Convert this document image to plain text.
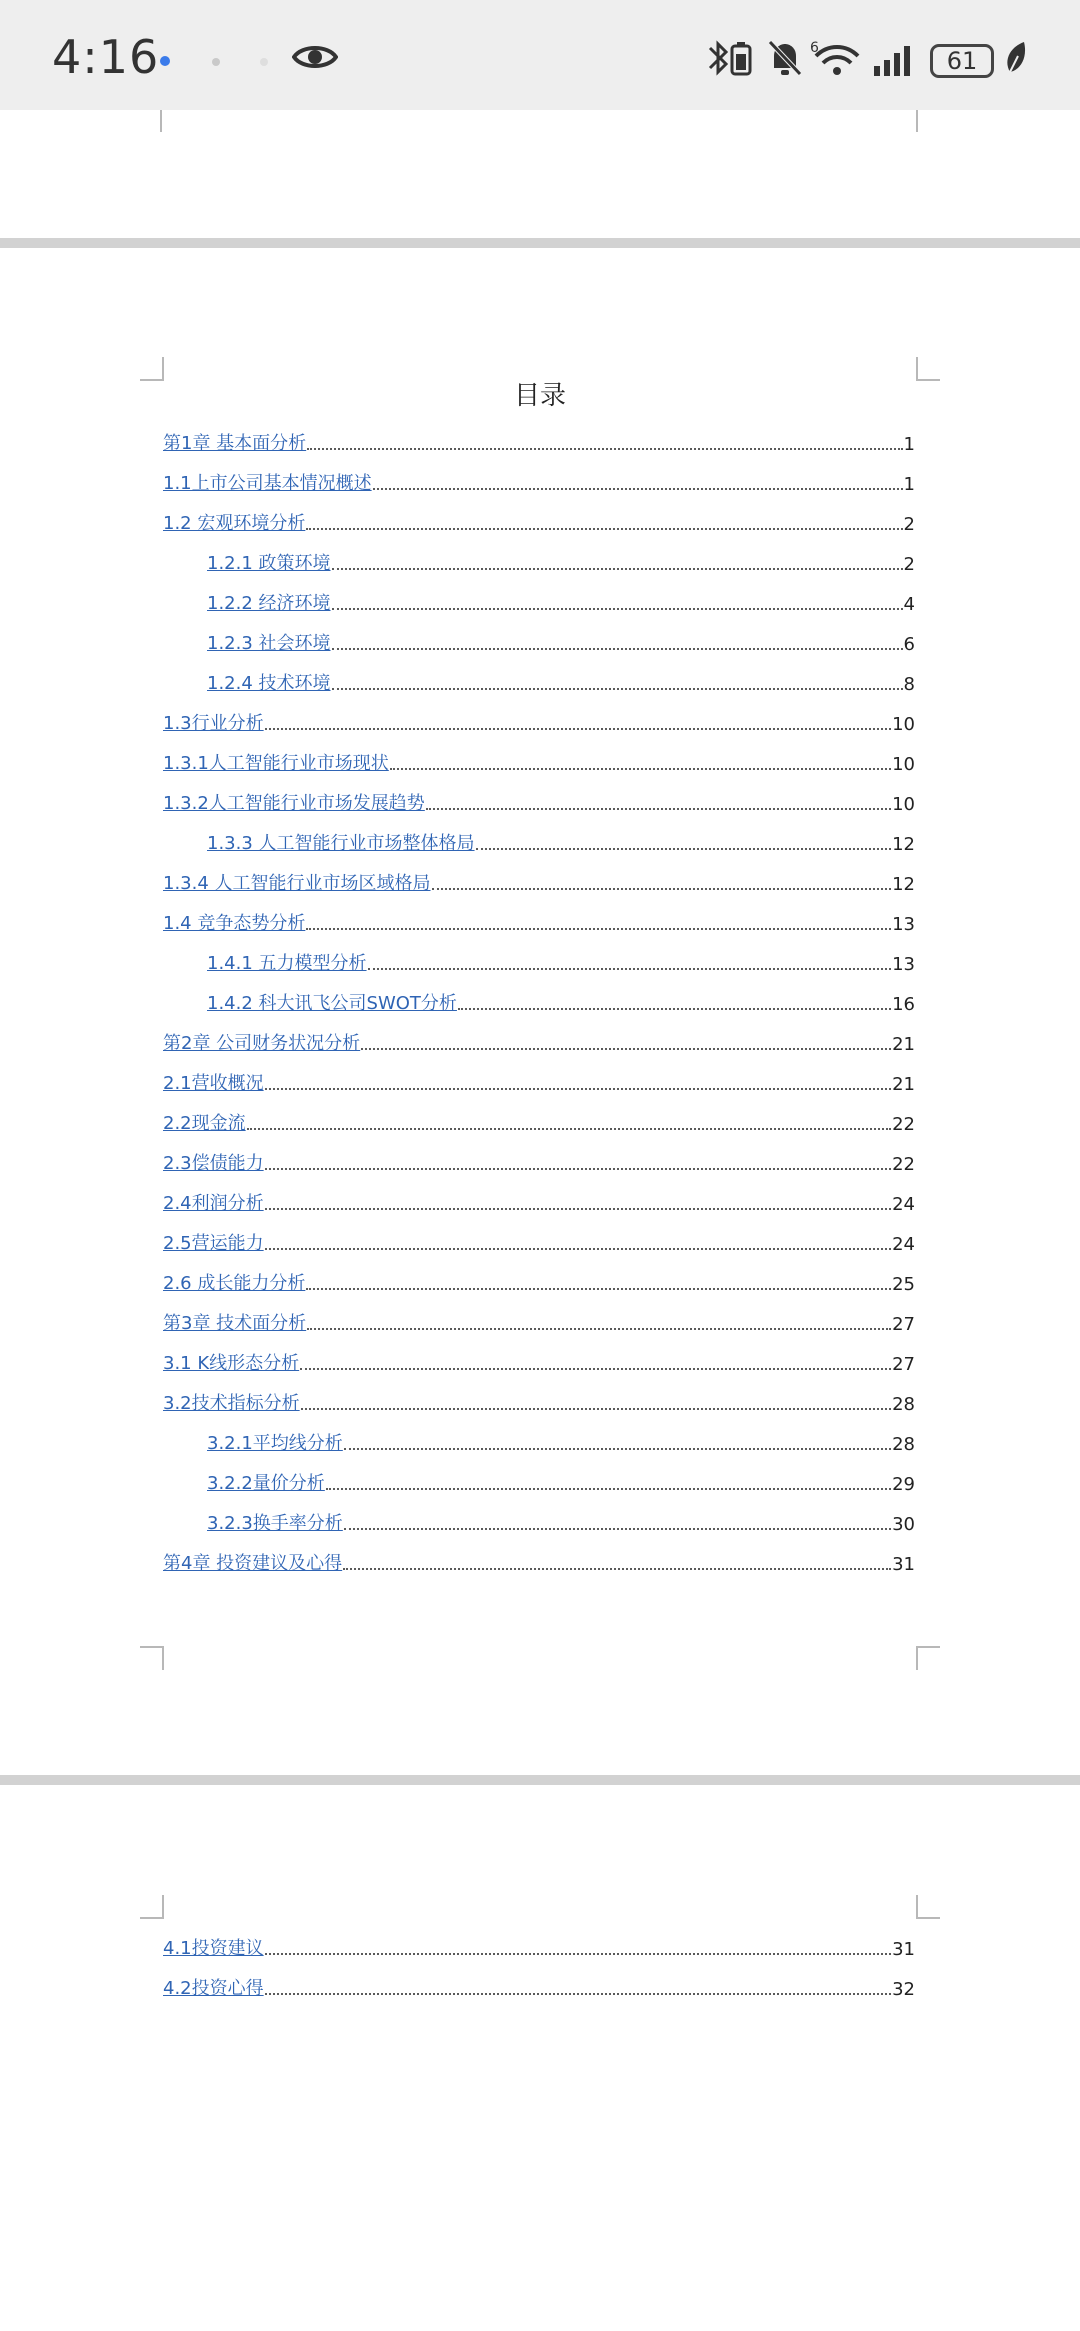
4:16	6	61
目录
第1章 基本面分析	1
1.1上市公司基本情况概述	1
1.2 宏观环境分析	2
1.2.1 政策环境	2
1.2.2 经济环境	4
1.2.3 社会环境	6
1.2.4 技术环境	8
1.3行业分析	10
1.3.1人工智能行业市场现状	10
1.3.2人工智能行业市场发展趋势	10
1.3.3 人工智能行业市场整体格局	12
1.3.4 人工智能行业市场区域格局	12
1.4 竞争态势分析	13
1.4.1 五力模型分析	13
1.4.2 科大讯飞公司SWOT分析	16
第2章 公司财务状况分析	21
2.1营收概况	21
2.2现金流	22
2.3偿债能力	22
2.4利润分析	24
2.5营运能力	24
2.6 成长能力分析	25
第3章 技术面分析	27
3.1 K线形态分析	27
3.2技术指标分析	28
3.2.1平均线分析	28
3.2.2量价分析	29
3.2.3换手率分析	30
第4章 投资建议及心得	31
4.1投资建议	31
4.2投资心得	32
